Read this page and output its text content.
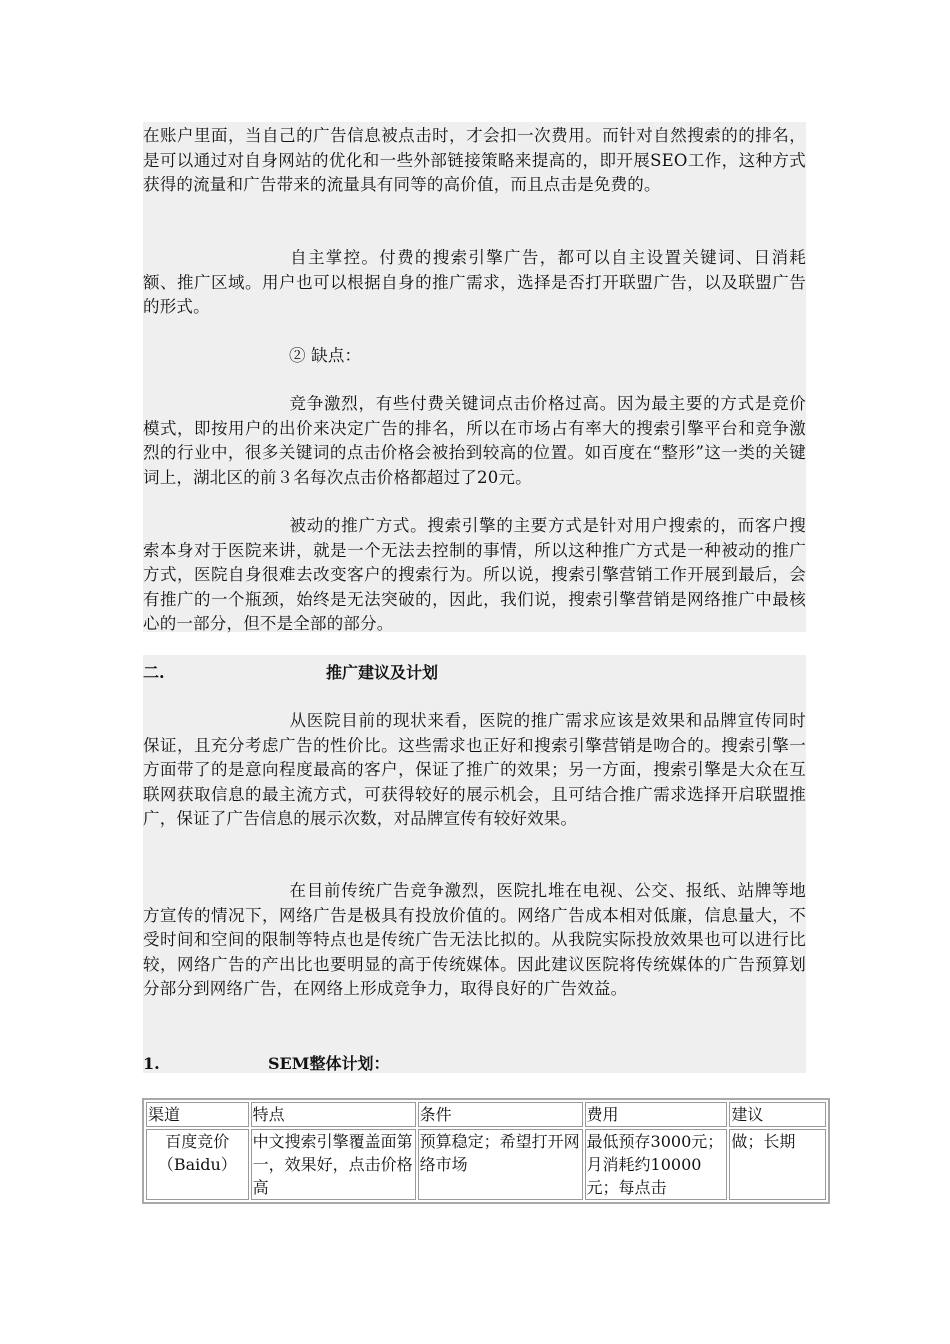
在账户里面，当自己的广告信息被点击时，才会扣一次费用。而针对自然搜索的的排名，是可以通过对自身网站的优化和一些外部链接策略来提高的，即开展SEO工作，这种方式获得的流量和广告带来的流量具有同等的高价值，而且点击是免费的。
自主掌控。付费的搜索引擎广告，都可以自主设置关键词、日消耗额、推广区域。用户也可以根据自身的推广需求，选择是否打开联盟广告，以及联盟广告的形式。
② 缺点：
竞争激烈，有些付费关键词点击价格过高。因为最主要的方式是竞价模式，即按用户的出价来决定广告的排名，所以在市场占有率大的搜索引擎平台和竞争激烈的行业中，很多关键词的点击价格会被抬到较高的位置。如百度在“整形”这一类的关键词上，湖北区的前３名每次点击价格都超过了20元。
被动的推广方式。搜索引擎的主要方式是针对用户搜索的，而客户搜索本身对于医院来讲，就是一个无法去控制的事情，所以这种推广方式是一种被动的推广方式，医院自身很难去改变客户的搜索行为。所以说，搜索引擎营销工作开展到最后，会有推广的一个瓶颈，始终是无法突破的，因此，我们说，搜索引擎营销是网络推广中最核心的一部分，但不是全部的部分。
二.	推广建议及计划
从医院目前的现状来看，医院的推广需求应该是效果和品牌宣传同时保证，且充分考虑广告的性价比。这些需求也正好和搜索引擎营销是吻合的。搜索引擎一方面带了的是意向程度最高的客户，保证了推广的效果；另一方面，搜索引擎是大众在互联网获取信息的最主流方式，可获得较好的展示机会，且可结合推广需求选择开启联盟推广，保证了广告信息的展示次数，对品牌宣传有较好效果。
在目前传统广告竞争激烈，医院扎堆在电视、公交、报纸、站牌等地方宣传的情况下，网络广告是极具有投放价值的。网络广告成本相对低廉，信息量大，不受时间和空间的限制等特点也是传统广告无法比拟的。从我院实际投放效果也可以进行比较，网络广告的产出比也要明显的高于传统媒体。因此建议医院将传统媒体的广告预算划分部分到网络广告，在网络上形成竞争力，取得良好的广告效益。
1.	SEM整体计划：
渠道	特点	条件	费用	建议
百度竞价（Baidu）	中文搜索引擎覆盖面第一，效果好，点击价格高	预算稳定；希望打开网络市场	最低预存3000元；月消耗约10000元；每点击	做；长期
